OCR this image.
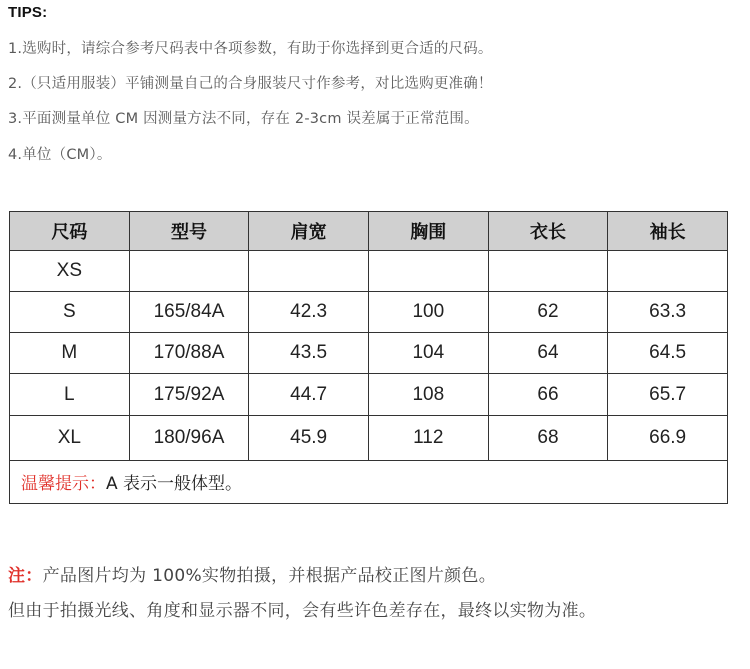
TIPS:
1.选购时，请综合参考尺码表中各项参数，有助于你选择到更合适的尺码。
2.（只适用服装）平铺测量自己的合身服装尺寸作参考，对比选购更准确！
3.平面测量单位 CM 因测量方法不同，存在 2-3cm 误差属于正常范围。
4.单位（CM）。
尺码	型号	肩宽	胸围	衣长	袖长
XS					
S	165/84A	42.3	100	62	63.3
M	170/88A	43.5	104	64	64.5
L	175/92A	44.7	108	66	65.7
XL	180/96A	45.9	112	68	66.9
温馨提示：A 表示一般体型。					
注：产品图片均为 100%实物拍摄，并根据产品校正图片颜色。
但由于拍摄光线、角度和显示器不同，会有些许色差存在，最终以实物为准。
